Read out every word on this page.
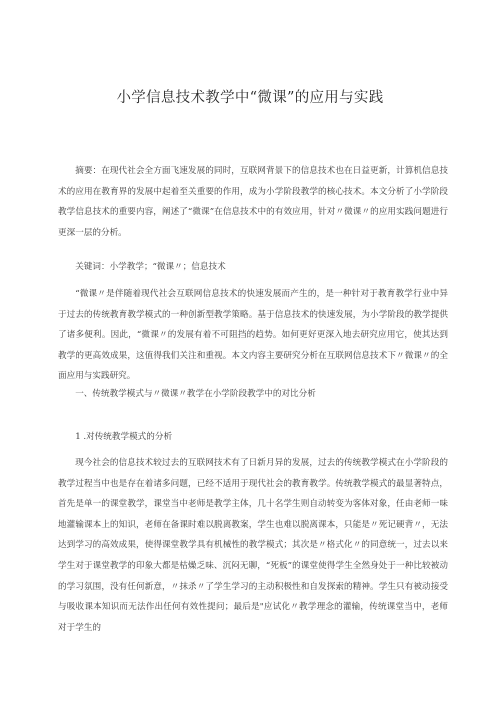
小学信息技术教学中“微课”的应用与实践
摘要：在现代社会全方面飞速发展的同时，互联网背景下的信息技术也在日益更新，计算机信息技术的应用在教育界的发展中起着至关重要的作用，成为小学阶段教学的核心技术。本文分析了小学阶段教学信息技术的重要内容，阐述了“微课”在信息技术中的有效应用，针对〃微课〃的应用实践问题进行更深一层的分析。
关键词：小学教学；“微课〃；信息技术
“微课〃是伴随着现代社会互联网信息技术的快速发展而产生的，是一种针对于教育教学行业中异于过去的传统教育教学模式的一种创新型教学策略。基于信息技术的快速发展，为小学阶段的教学提供了诸多便利。因此，“微课〃的发展有着不可阻挡的趋势。如何更好更深入地去研究应用它，使其达到教学的更高效成果，这值得我们关注和重视。本文内容主要研究分析在互联网信息技术下〃微课〃的全面应用与实践研究。
一、传统教学模式与〃微课〃教学在小学阶段教学中的对比分析
1 .对传统教学模式的分析
现今社会的信息技术较过去的互联网技术有了日新月异的发展，过去的传统教学模式在小学阶段的教学过程当中也是存在着诸多问题，已经不适用于现代社会的教育教学。传统教学模式的最显著特点，首先是单一的课堂教学，课堂当中老师是教学主体，几十名学生则自动转变为客体对象，任由老师一味地灌输课本上的知识，老师在备课时难以脱离教案，学生也难以脱离课本，只能是〃死记硬背〃，无法达到学习的高效成果，使得课堂教学具有机械性的教学模式；其次是〃格式化〃的同意统一，过去以来学生对于课堂教学的印象大都是枯燥乏味、沉闷无聊，“死板”的课堂使得学生全然身处于一种比较被动的学习氛围，没有任何新意，〃抹杀〃了学生学习的主动积极性和自发探索的精神。学生只有被动接受与吸收课本知识而无法作出任何有效性提问；最后是"应试化〃教学理念的灌输，传统课堂当中，老师对于学生的
